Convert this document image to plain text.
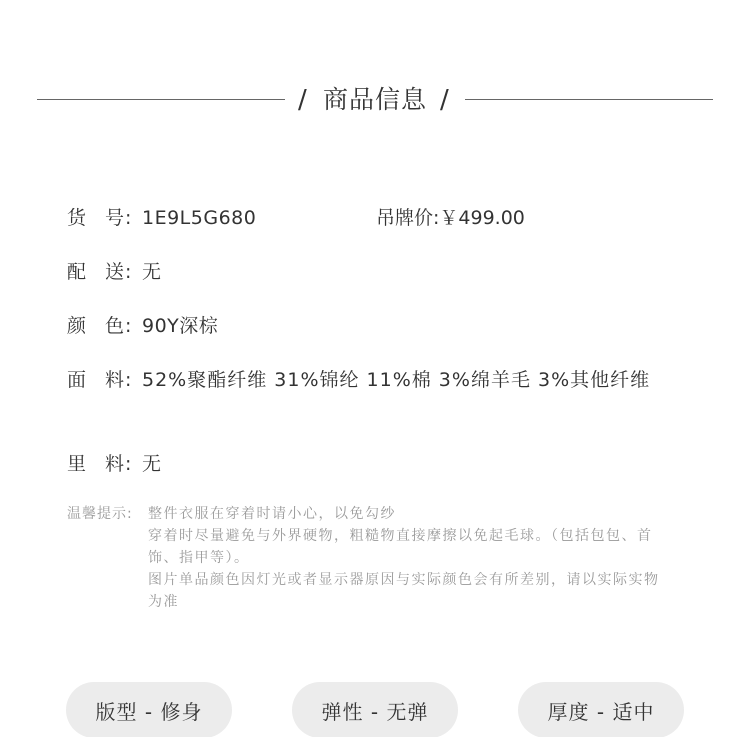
/ 商品信息 /
货 号 : 1E9L5G680	吊牌价:￥499.00
配 送 : 无
颜 色 : 90Y深棕
面 料 : 52%聚酯纤维 31%锦纶 11%棉 3%绵羊毛 3%其他纤维
里 料 : 无
温馨提示: 整件衣服在穿着时请小心，以免勾纱
穿着时尽量避免与外界硬物，粗糙物直接摩擦以免起毛球。（包括包包、首饰、指甲等）。
图片单品颜色因灯光或者显示器原因与实际颜色会有所差别，请以实际实物为准
版型 - 修身	弹性 - 无弹	厚度 - 适中
